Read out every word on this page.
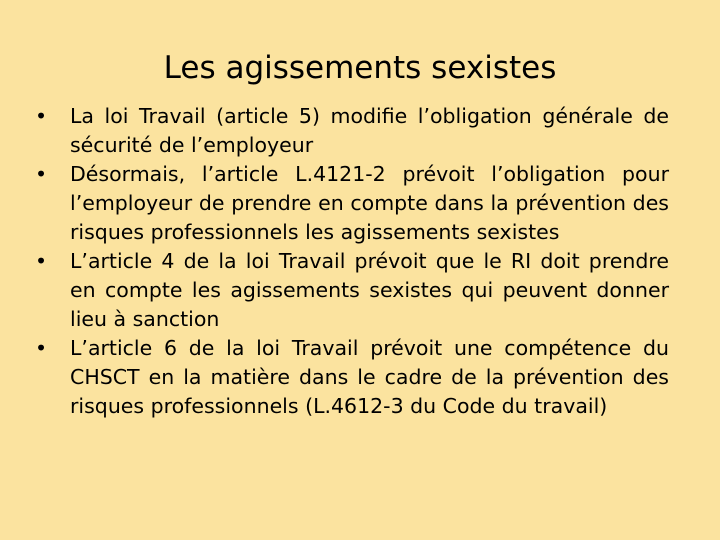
Les agissements sexistes
• La loi Travail (article 5) modifie l’obligation générale de sécurité de l’employeur
• Désormais, l’article L.4121-2 prévoit l’obligation pour l’employeur de prendre en compte dans la prévention des risques professionnels les agissements sexistes
• L’article 4 de la loi Travail prévoit que le RI doit prendre en compte les agissements sexistes qui peuvent donner lieu à sanction
• L’article 6 de la loi Travail prévoit une compétence du CHSCT en la matière dans le cadre de la prévention des risques professionnels (L.4612-3 du Code du travail)
